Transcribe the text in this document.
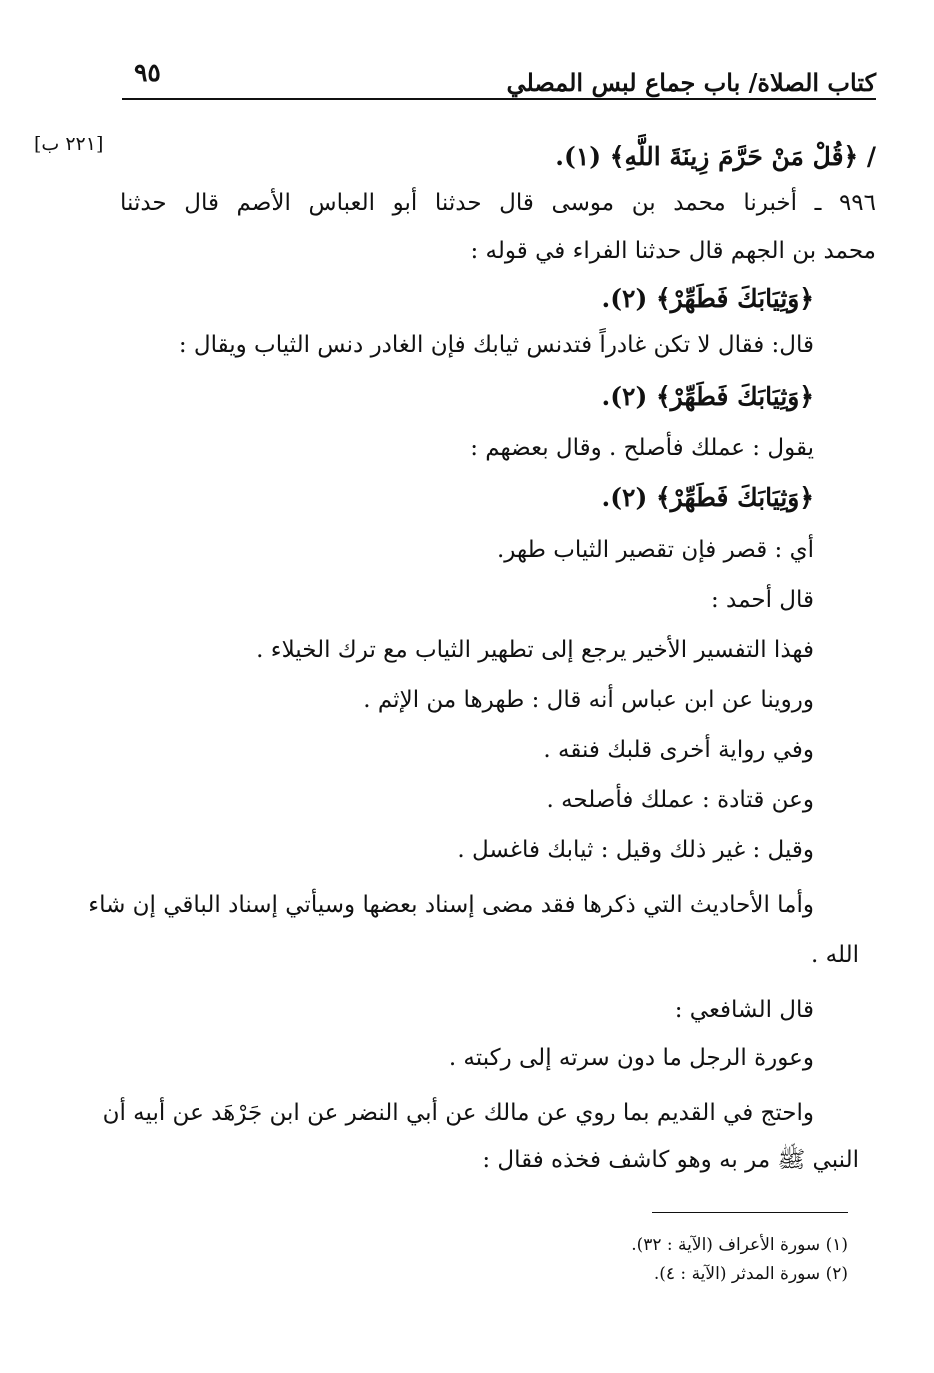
كتاب الصلاة/ باب جماع لبس المصلي
٩٥
[٢٢١ ب]	/ ﴿قُلْ مَنْ حَرَّمَ زِينَةَ اللَّهِ﴾ (١).
٩٩٦ ـ أخبرنا محمد بن موسى قال حدثنا أبو العباس الأصم قال حدثنا
محمد بن الجهم قال حدثنا الفراء في قوله :
﴿وَثِيَابَكَ فَطَهِّرْ﴾ (٢).
قال: فقال لا تكن غادراً فتدنس ثيابك فإن الغادر دنس الثياب ويقال :
﴿وَثِيَابَكَ فَطَهِّرْ﴾ (٢).
يقول : عملك فأصلح . وقال بعضهم :
﴿وَثِيَابَكَ فَطَهِّرْ﴾ (٢).
أي : قصر فإن تقصير الثياب طهر.
قال أحمد :
فهذا التفسير الأخير يرجع إلى تطهير الثياب مع ترك الخيلاء .
وروينا عن ابن عباس أنه قال : طهرها من الإثم .
وفي رواية أخرى قلبك فنقه .
وعن قتادة : عملك فأصلحه .
وقيل : غير ذلك وقيل : ثيابك فاغسل .
وأما الأحاديث التي ذكرها فقد مضى إسناد بعضها وسيأتي إسناد الباقي إن شاء
الله .
قال الشافعي :
وعورة الرجل ما دون سرته إلى ركبته .
واحتج في القديم بما روي عن مالك عن أبي النضر عن ابن جَرْهَد عن أبيه أن
النبي ﷺ مر به وهو كاشف فخذه فقال :
(١) سورة الأعراف (الآية : ٣٢).
(٢) سورة المدثر (الآية : ٤).
